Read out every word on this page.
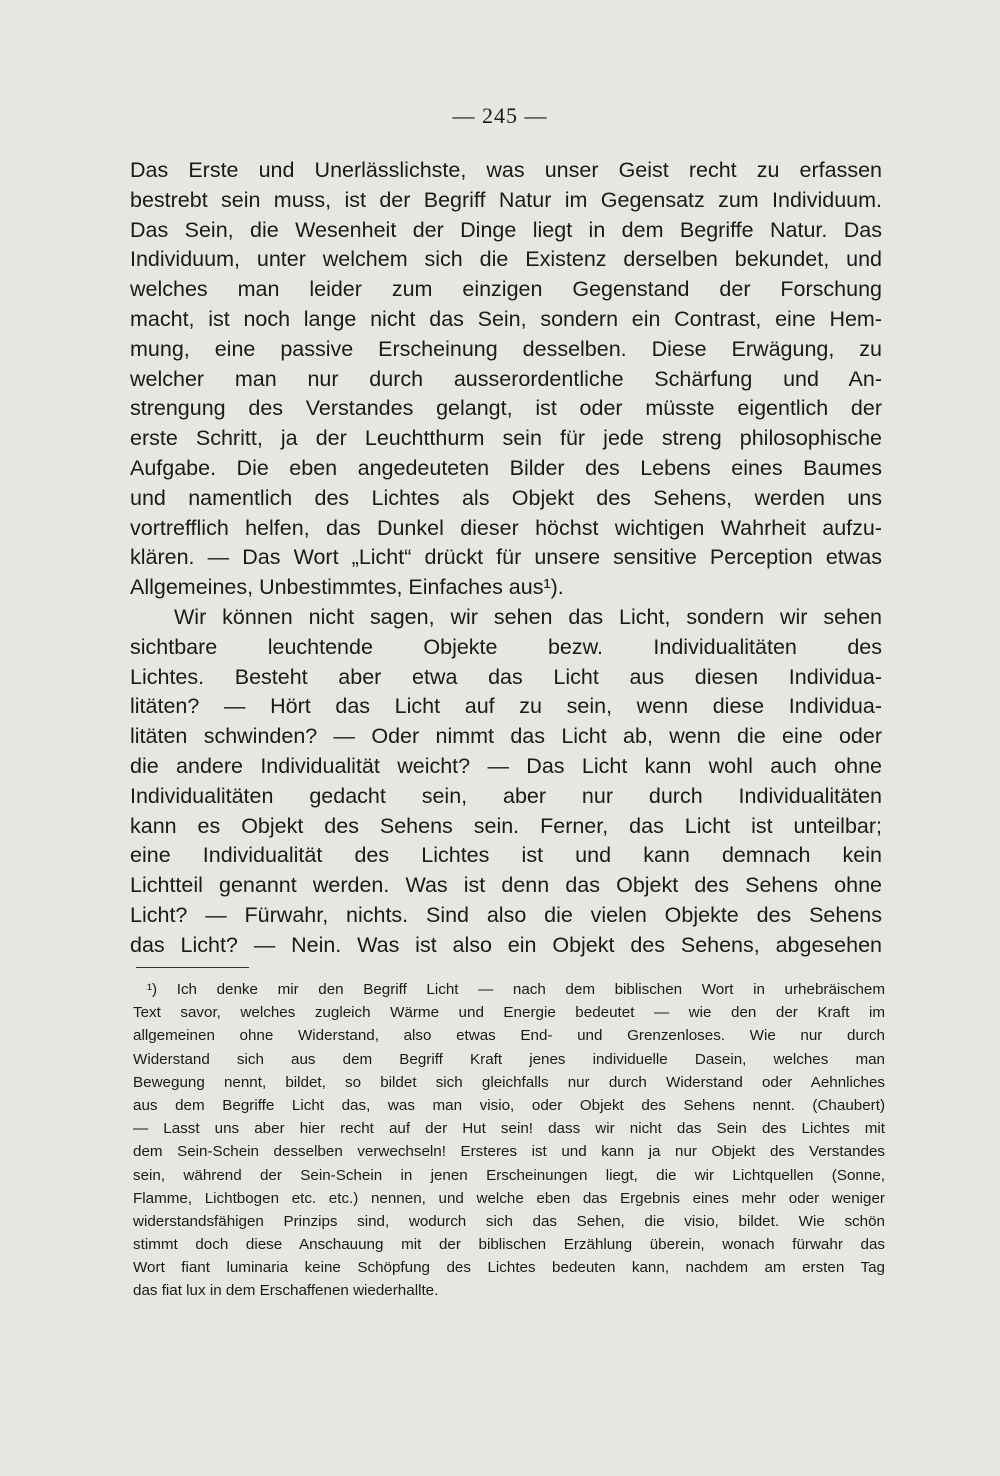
— 245 —
Das Erste und Unerlässlichste, was unser Geist recht zu erfassen
bestrebt sein muss, ist der Begriff Natur im Gegensatz zum Individuum.
Das Sein, die Wesenheit der Dinge liegt in dem Begriffe Natur. Das
Individuum, unter welchem sich die Existenz derselben bekundet, und
welches man leider zum einzigen Gegenstand der Forschung
macht, ist noch lange nicht das Sein, sondern ein Contrast, eine Hem-
mung, eine passive Erscheinung desselben. Diese Erwägung, zu
welcher man nur durch ausserordentliche Schärfung und An-
strengung des Verstandes gelangt, ist oder müsste eigentlich der
erste Schritt, ja der Leuchtthurm sein für jede streng philosophische
Aufgabe. Die eben angedeuteten Bilder des Lebens eines Baumes
und namentlich des Lichtes als Objekt des Sehens, werden uns
vortrefflich helfen, das Dunkel dieser höchst wichtigen Wahrheit aufzu-
klären. — Das Wort „Licht“ drückt für unsere sensitive Perception etwas
Allgemeines, Unbestimmtes, Einfaches aus¹).
Wir können nicht sagen, wir sehen das Licht, sondern wir sehen
sichtbare leuchtende Objekte bezw. Individualitäten des
Lichtes. Besteht aber etwa das Licht aus diesen Individua-
litäten? — Hört das Licht auf zu sein, wenn diese Individua-
litäten schwinden? — Oder nimmt das Licht ab, wenn die eine oder
die andere Individualität weicht? — Das Licht kann wohl auch ohne
Individualitäten gedacht sein, aber nur durch Individualitäten
kann es Objekt des Sehens sein. Ferner, das Licht ist unteilbar;
eine Individualität des Lichtes ist und kann demnach kein
Lichtteil genannt werden. Was ist denn das Objekt des Sehens ohne
Licht? — Fürwahr, nichts. Sind also die vielen Objekte des Sehens
das Licht? — Nein. Was ist also ein Objekt des Sehens, abgesehen
¹) Ich denke mir den Begriff Licht — nach dem biblischen Wort in urhebräischem
Text savor, welches zugleich Wärme und Energie bedeutet — wie den der Kraft im
allgemeinen ohne Widerstand, also etwas End- und Grenzenloses. Wie nur durch
Widerstand sich aus dem Begriff Kraft jenes individuelle Dasein, welches man
Bewegung nennt, bildet, so bildet sich gleichfalls nur durch Widerstand oder Aehnliches
aus dem Begriffe Licht das, was man visio, oder Objekt des Sehens nennt. (Chaubert)
— Lasst uns aber hier recht auf der Hut sein! dass wir nicht das Sein des Lichtes mit
dem Sein-Schein desselben verwechseln! Ersteres ist und kann ja nur Objekt des Verstandes
sein, während der Sein-Schein in jenen Erscheinungen liegt, die wir Lichtquellen (Sonne,
Flamme, Lichtbogen etc. etc.) nennen, und welche eben das Ergebnis eines mehr oder weniger
widerstandsfähigen Prinzips sind, wodurch sich das Sehen, die visio, bildet. Wie schön
stimmt doch diese Anschauung mit der biblischen Erzählung überein, wonach fürwahr das
Wort fiant luminaria keine Schöpfung des Lichtes bedeuten kann, nachdem am ersten Tag
das fiat lux in dem Erschaffenen wiederhallte.
